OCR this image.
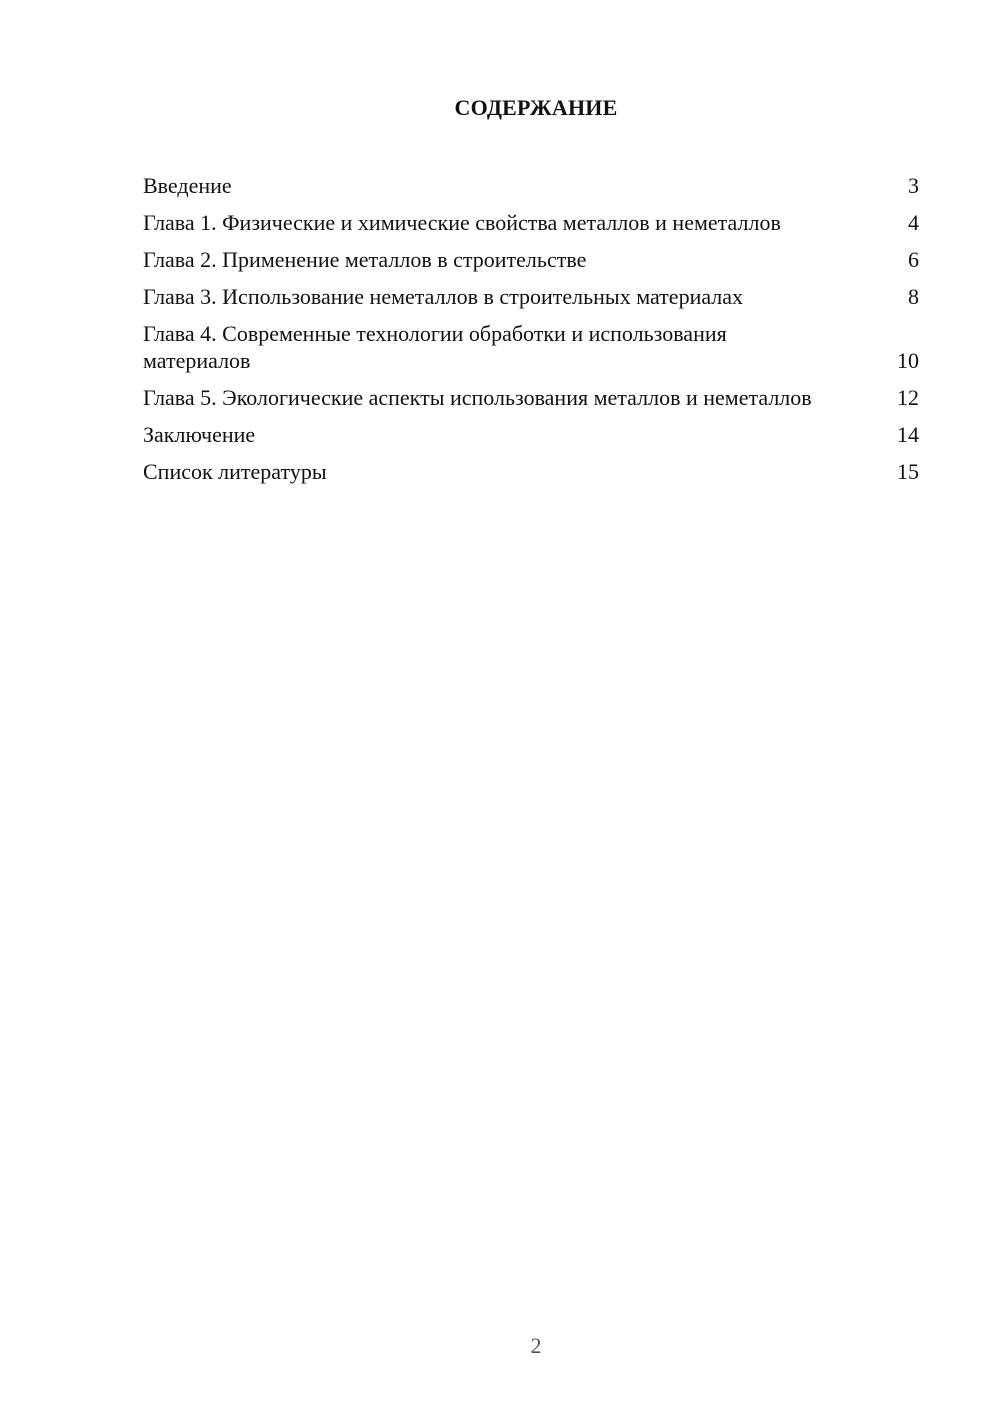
СОДЕРЖАНИЕ
Введение	3
Глава 1. Физические и химические свойства металлов и неметаллов	4
Глава 2. Применение металлов в строительстве	6
Глава 3. Использование неметаллов в строительных материалах	8
Глава 4. Современные технологии обработки и использования материалов	10
Глава 5. Экологические аспекты использования металлов и неметаллов	12
Заключение	14
Список литературы	15
2
